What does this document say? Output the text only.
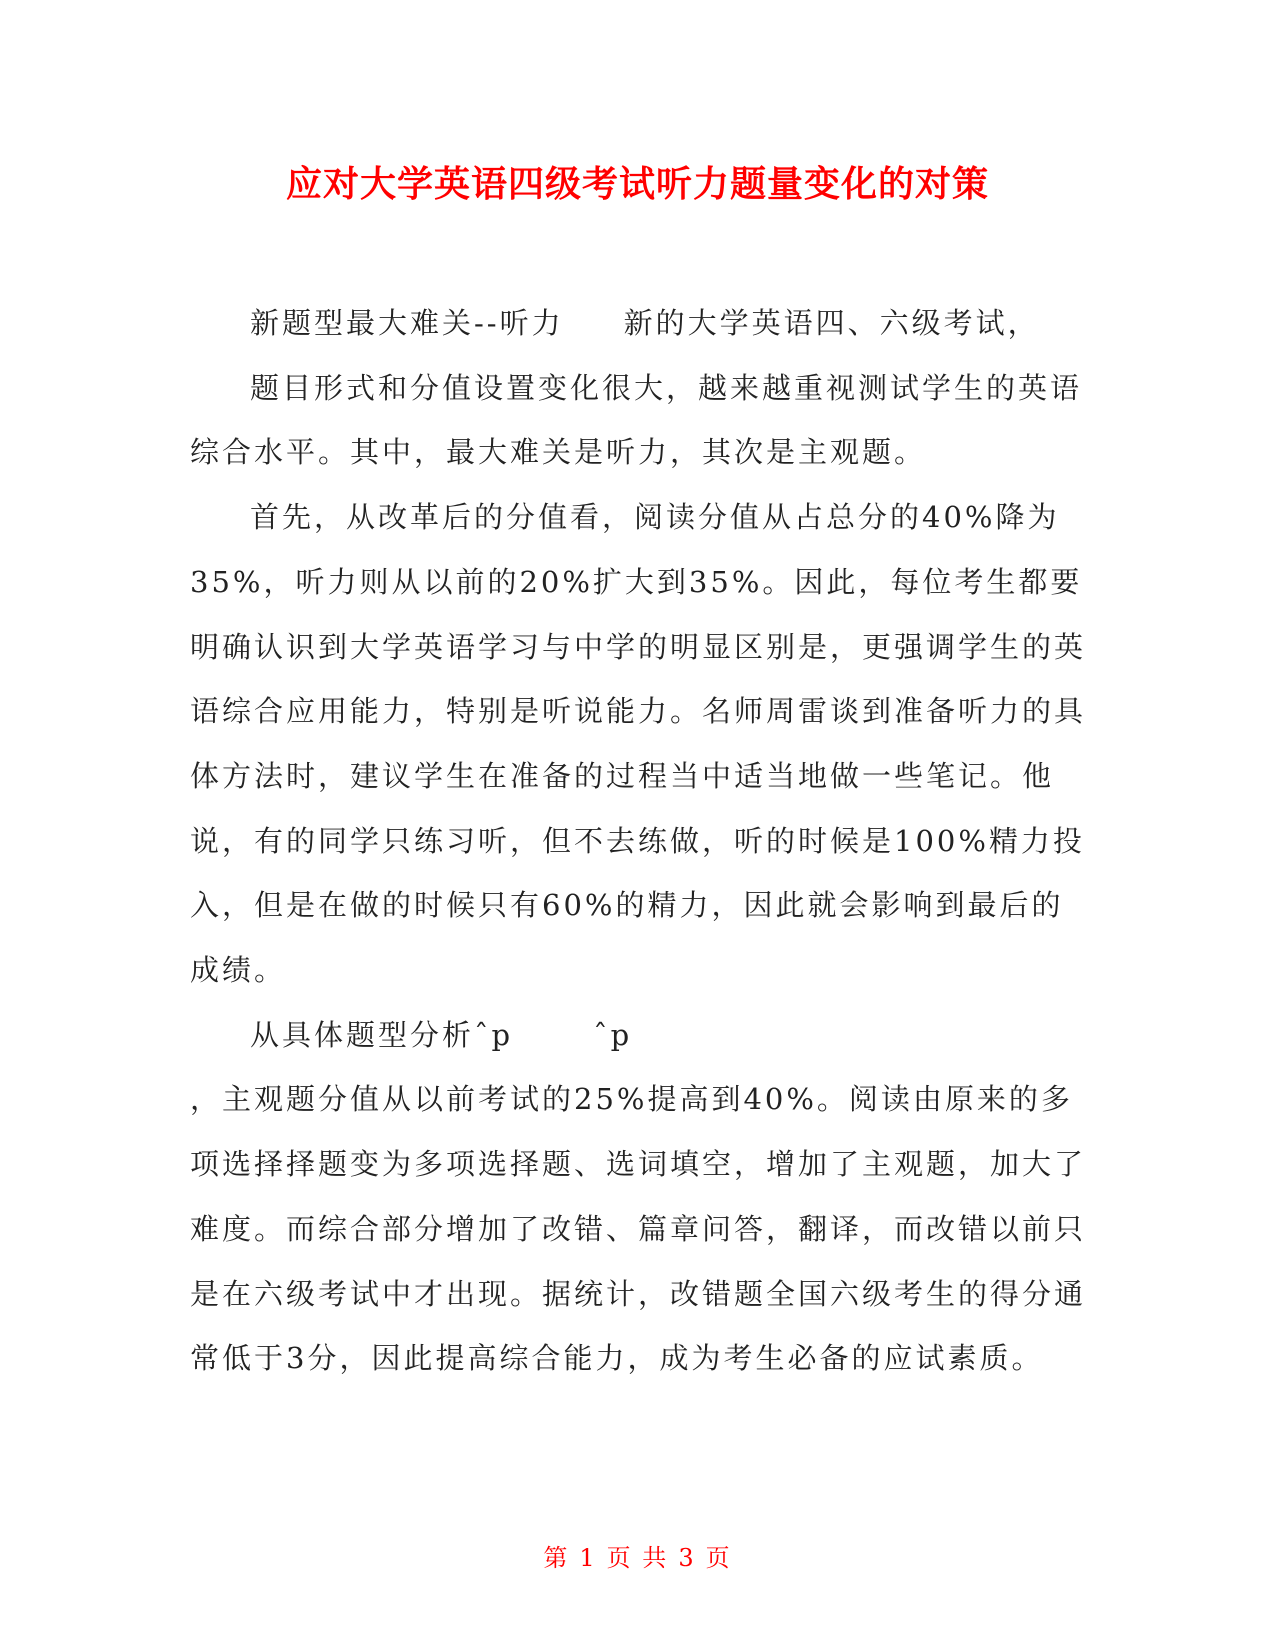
应对大学英语四级考试听力题量变化的对策

新题型最大难关--听力 新的大学英语四、六级考试，

题目形式和分值设置变化很大，越来越重视测试学生的英语综合水平。其中，最大难关是听力，其次是主观题。

首先，从改革后的分值看，阅读分值从占总分的40%降为35%，听力则从以前的20%扩大到35%。因此，每位考生都要明确认识到大学英语学习与中学的明显区别是，更强调学生的英语综合应用能力，特别是听说能力。名师周雷谈到准备听力的具体方法时，建议学生在准备的过程当中适当地做一些笔记。他说，有的同学只练习听，但不去练做，听的时候是100%精力投入，但是在做的时候只有60%的精力，因此就会影响到最后的成绩。

从具体题型分析ˆp	ˆp

，主观题分值从以前考试的25%提高到40%。阅读由原来的多项选择择题变为多项选择题、选词填空，增加了主观题，加大了难度。而综合部分增加了改错、篇章问答，翻译，而改错以前只是在六级考试中才出现。据统计，改错题全国六级考生的得分通常低于3分，因此提高综合能力，成为考生必备的应试素质。

第 1 页 共 3 页
